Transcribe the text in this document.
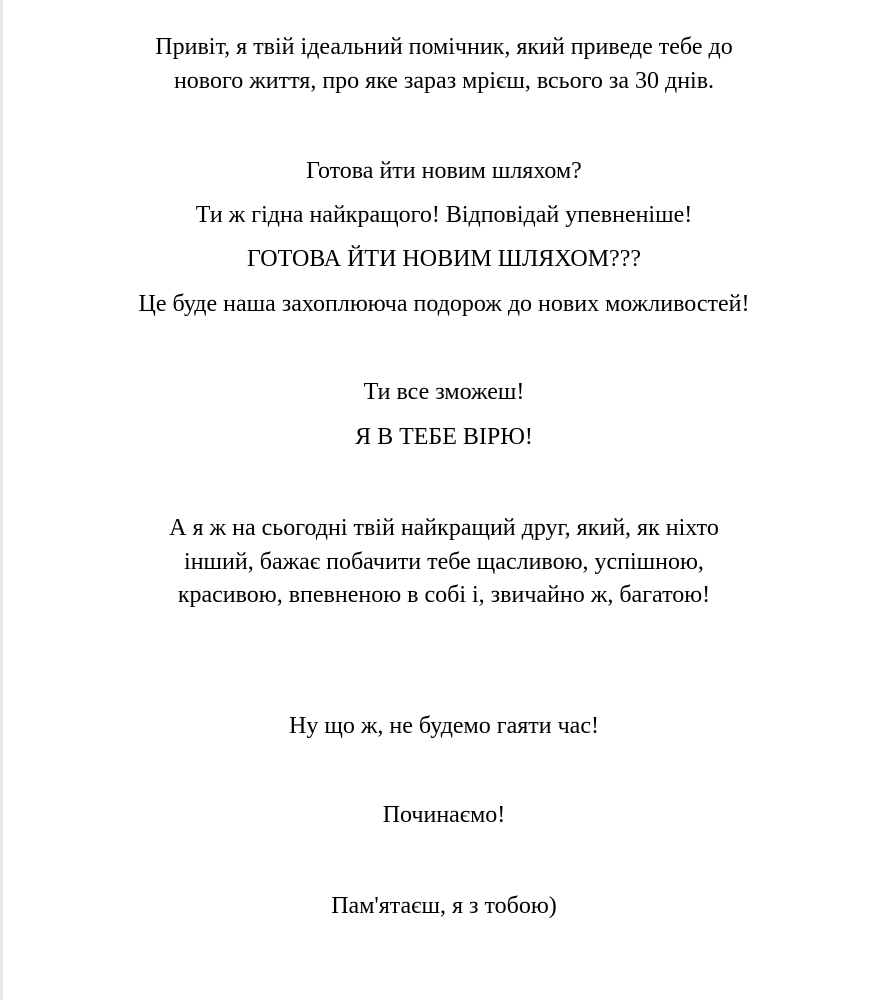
Привіт, я твій ідеальний помічник, який приведе тебе до
нового життя, про яке зараз мрієш, всього за 30 днів.
Готова йти новим шляхом?
Ти ж гідна найкращого! Відповідай упевненіше!
ГОТОВА ЙТИ НОВИМ ШЛЯХОМ???
Це буде наша захоплююча подорож до нових можливостей!
Ти все зможеш!
Я В ТЕБЕ ВІРЮ!
А я ж на сьогодні твій найкращий друг, який, як ніхто
інший, бажає побачити тебе щасливою, успішною,
красивою, впевненою в собі і, звичайно ж, багатою!
Ну що ж, не будемо гаяти час!
Починаємо!
Пам'ятаєш, я з тобою)
